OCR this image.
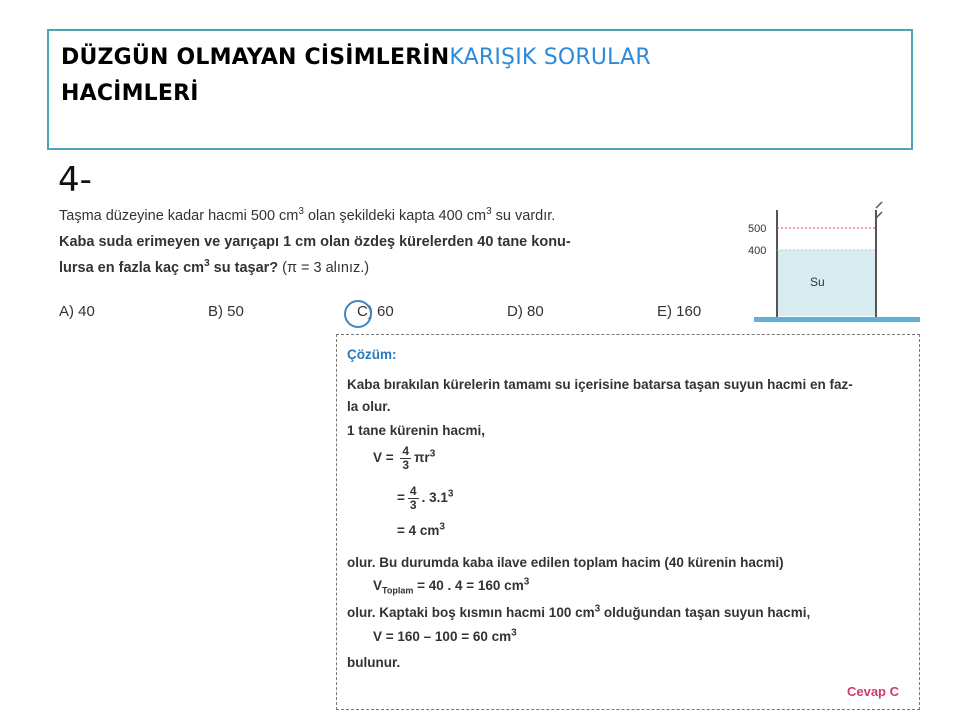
DÜZGÜN OLMAYAN CİSİMLERİNKARIŞIK SORULAR
HACİMLERİ
4-
Taşma düzeyine kadar hacmi 500 $cm^3$ olan şekildeki kapta 400 $cm^3$ su vardır.
Kaba suda erimeyen ve yarıçapı 1 cm olan özdeş kürelerden 40 tane konu-
lursa en fazla kaç $cm^3$ su taşar? (π = 3 alınız.)
A) 40	B) 50	C) 60	D) 80	E) 160
500
400
Su
Çözüm:
Kaba bırakılan kürelerin tamamı su içerisine batarsa taşan suyun hacmi en faz-
la olur.
1 tane kürenin hacmi,
$V = \frac{4}{3} \pi r^3$
= $\frac{4}{3}$ . $3.1^3$
= 4 $cm^3$
olur. Bu durumda kaba ilave edilen toplam hacim (40 kürenin hacmi)
$V_{Toplam} = 40$ . 4 = 160 $cm^3$
olur. Kaptaki boş kısmın hacmi 100 $cm^3$ olduğundan taşan suyun hacmi,
V = 160 – 100 = 60 $cm^3$
bulunur.
Cevap C
